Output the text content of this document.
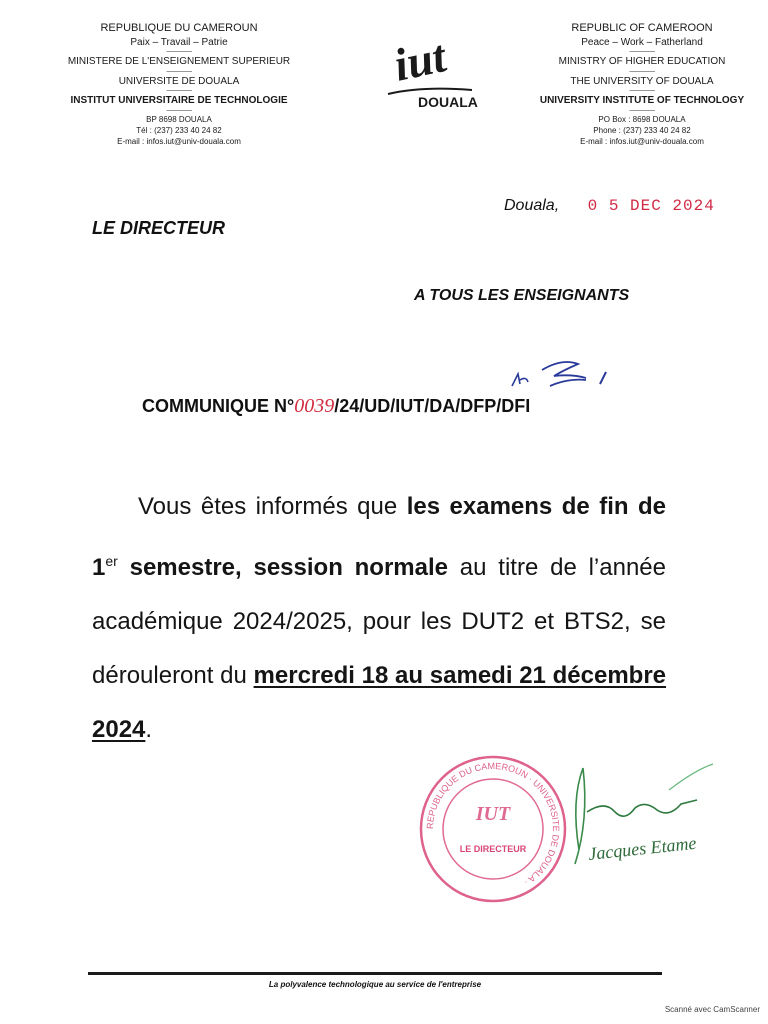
REPUBLIQUE DU CAMEROUN
Paix – Travail – Patrie
-----------------
MINISTERE DE L'ENSEIGNEMENT SUPERIEUR
-----------------
UNIVERSITE DE DOUALA
-----------------
INSTITUT UNIVERSITAIRE DE TECHNOLOGIE
-----------------
BP 8698 DOUALA
Tél : (237) 233 40 24 82
E-mail : infos.iut@univ-douala.com
iut
DOUALA
REPUBLIC OF CAMEROON
Peace – Work – Fatherland
-----------------
MINISTRY OF HIGHER EDUCATION
-----------------
THE UNIVERSITY OF DOUALA
-----------------
UNIVERSITY INSTITUTE OF TECHNOLOGY
-----------------
PO Box : 8698 DOUALA
Phone : (237) 233 40 24 82
E-mail : infos.iut@univ-douala.com
Douala, 0 5 DEC 2024
LE DIRECTEUR
A TOUS LES ENSEIGNANTS
COMMUNIQUE N°0039/24/UD/IUT/DA/DFP/DFI
Vous êtes informés que les examens de fin de 1er semestre, session normale au titre de l’année académique 2024/2025, pour les DUT2 et BTS2, se dérouleront du mercredi 18 au samedi 21 décembre 2024.
REPUBLIQUE DU CAMEROUN · UNIVERSITE DE DOUALA ·
IUT
LE DIRECTEUR	Jacques Etame
La polyvalence technologique au service de l'entreprise
Scanné avec CamScanner
